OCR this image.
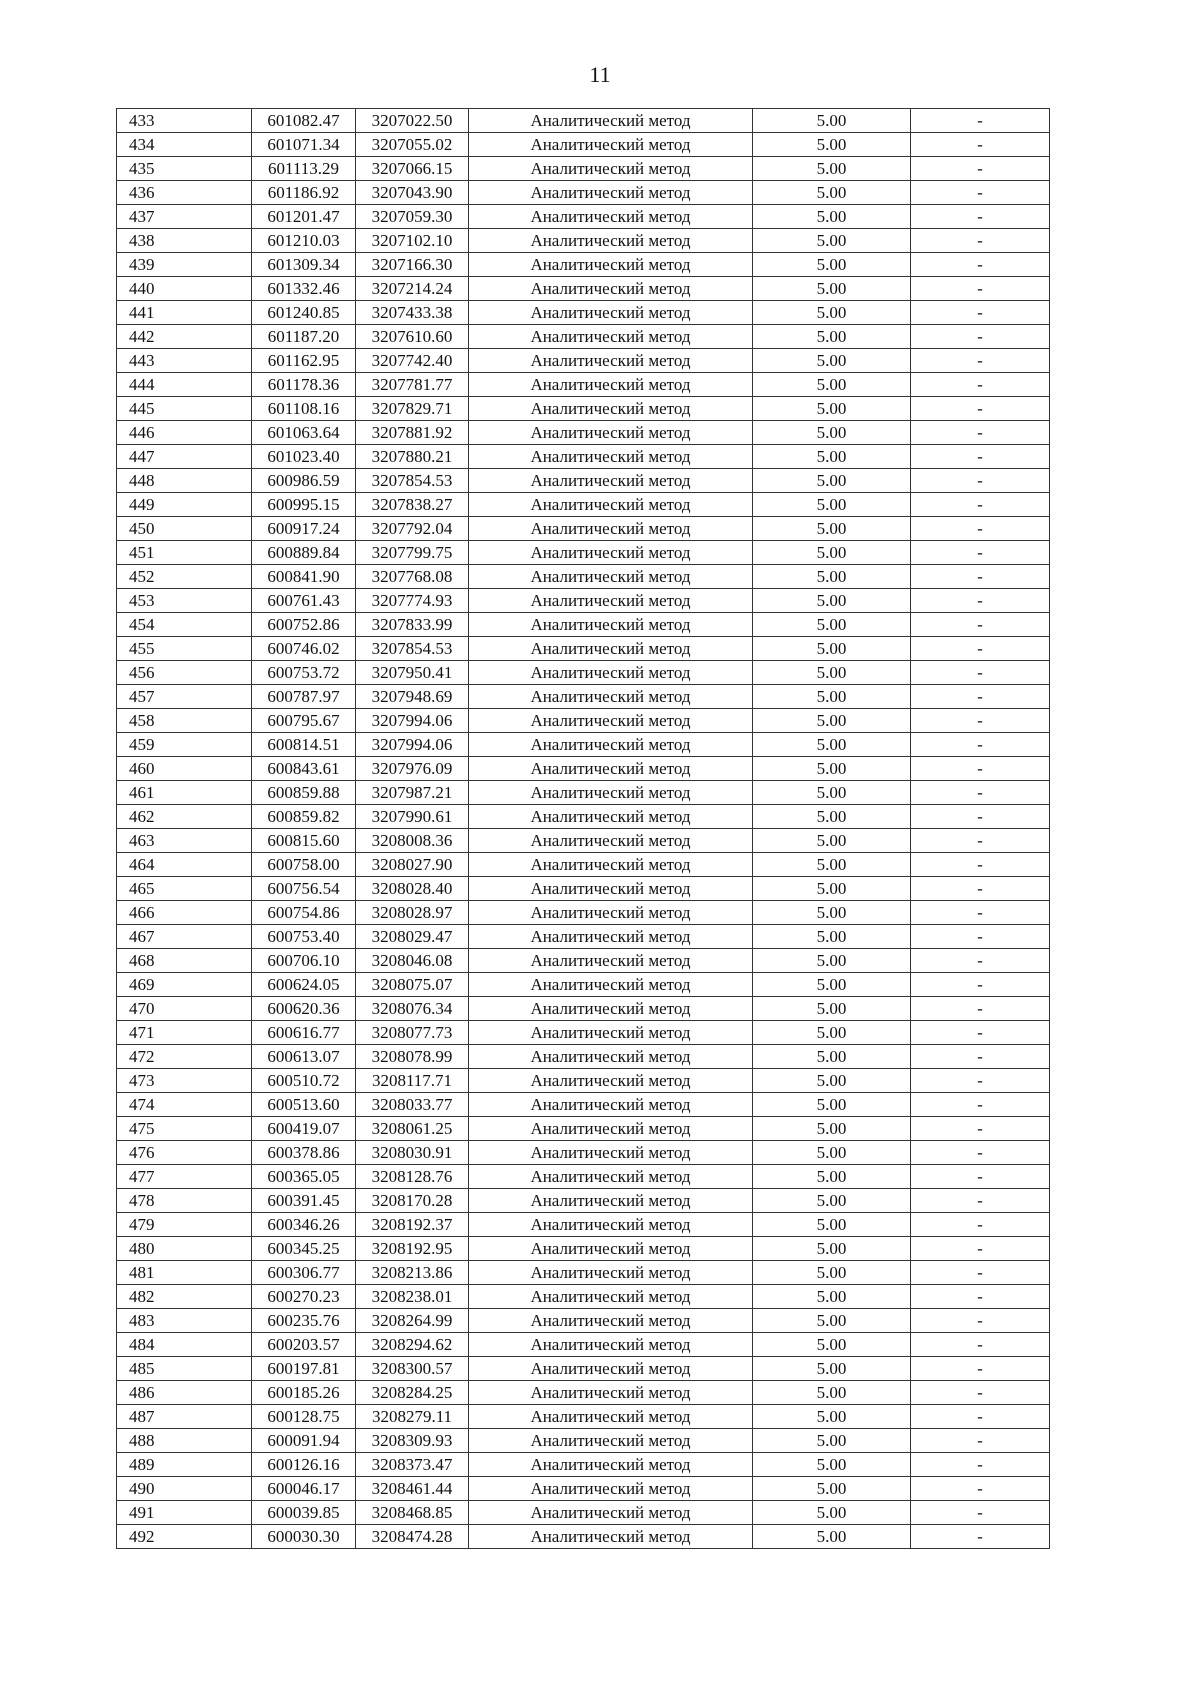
11
433	601082.47	3207022.50	Аналитический метод	5.00	-
434	601071.34	3207055.02	Аналитический метод	5.00	-
435	601113.29	3207066.15	Аналитический метод	5.00	-
436	601186.92	3207043.90	Аналитический метод	5.00	-
437	601201.47	3207059.30	Аналитический метод	5.00	-
438	601210.03	3207102.10	Аналитический метод	5.00	-
439	601309.34	3207166.30	Аналитический метод	5.00	-
440	601332.46	3207214.24	Аналитический метод	5.00	-
441	601240.85	3207433.38	Аналитический метод	5.00	-
442	601187.20	3207610.60	Аналитический метод	5.00	-
443	601162.95	3207742.40	Аналитический метод	5.00	-
444	601178.36	3207781.77	Аналитический метод	5.00	-
445	601108.16	3207829.71	Аналитический метод	5.00	-
446	601063.64	3207881.92	Аналитический метод	5.00	-
447	601023.40	3207880.21	Аналитический метод	5.00	-
448	600986.59	3207854.53	Аналитический метод	5.00	-
449	600995.15	3207838.27	Аналитический метод	5.00	-
450	600917.24	3207792.04	Аналитический метод	5.00	-
451	600889.84	3207799.75	Аналитический метод	5.00	-
452	600841.90	3207768.08	Аналитический метод	5.00	-
453	600761.43	3207774.93	Аналитический метод	5.00	-
454	600752.86	3207833.99	Аналитический метод	5.00	-
455	600746.02	3207854.53	Аналитический метод	5.00	-
456	600753.72	3207950.41	Аналитический метод	5.00	-
457	600787.97	3207948.69	Аналитический метод	5.00	-
458	600795.67	3207994.06	Аналитический метод	5.00	-
459	600814.51	3207994.06	Аналитический метод	5.00	-
460	600843.61	3207976.09	Аналитический метод	5.00	-
461	600859.88	3207987.21	Аналитический метод	5.00	-
462	600859.82	3207990.61	Аналитический метод	5.00	-
463	600815.60	3208008.36	Аналитический метод	5.00	-
464	600758.00	3208027.90	Аналитический метод	5.00	-
465	600756.54	3208028.40	Аналитический метод	5.00	-
466	600754.86	3208028.97	Аналитический метод	5.00	-
467	600753.40	3208029.47	Аналитический метод	5.00	-
468	600706.10	3208046.08	Аналитический метод	5.00	-
469	600624.05	3208075.07	Аналитический метод	5.00	-
470	600620.36	3208076.34	Аналитический метод	5.00	-
471	600616.77	3208077.73	Аналитический метод	5.00	-
472	600613.07	3208078.99	Аналитический метод	5.00	-
473	600510.72	3208117.71	Аналитический метод	5.00	-
474	600513.60	3208033.77	Аналитический метод	5.00	-
475	600419.07	3208061.25	Аналитический метод	5.00	-
476	600378.86	3208030.91	Аналитический метод	5.00	-
477	600365.05	3208128.76	Аналитический метод	5.00	-
478	600391.45	3208170.28	Аналитический метод	5.00	-
479	600346.26	3208192.37	Аналитический метод	5.00	-
480	600345.25	3208192.95	Аналитический метод	5.00	-
481	600306.77	3208213.86	Аналитический метод	5.00	-
482	600270.23	3208238.01	Аналитический метод	5.00	-
483	600235.76	3208264.99	Аналитический метод	5.00	-
484	600203.57	3208294.62	Аналитический метод	5.00	-
485	600197.81	3208300.57	Аналитический метод	5.00	-
486	600185.26	3208284.25	Аналитический метод	5.00	-
487	600128.75	3208279.11	Аналитический метод	5.00	-
488	600091.94	3208309.93	Аналитический метод	5.00	-
489	600126.16	3208373.47	Аналитический метод	5.00	-
490	600046.17	3208461.44	Аналитический метод	5.00	-
491	600039.85	3208468.85	Аналитический метод	5.00	-
492	600030.30	3208474.28	Аналитический метод	5.00	-
